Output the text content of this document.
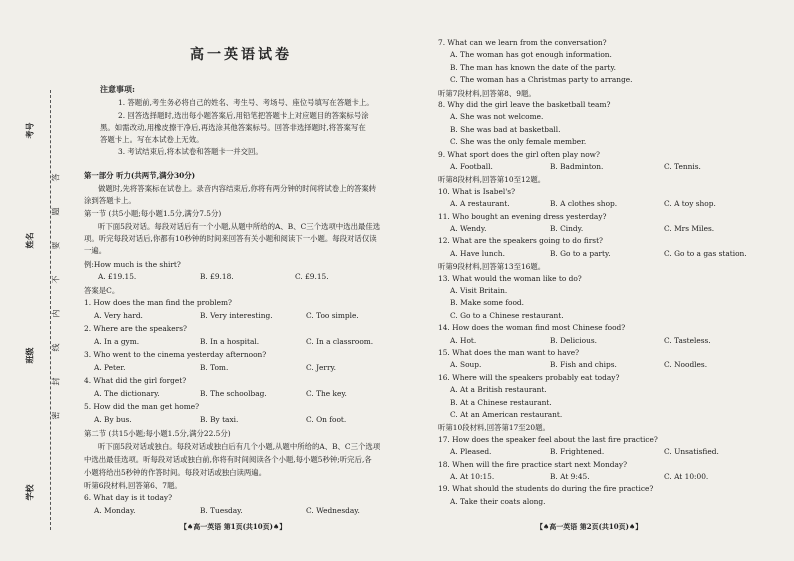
考号
姓名
班级
学校
答
题
要
不
内
线
封
密
高一英语试卷
注意事项:
1. 答题前,考生务必将自己的姓名、考生号、考场号、座位号填写在答题卡上。
2. 回答选择题时,选出每小题答案后,用铅笔把答题卡上对应题目的答案标号涂
黑。如需改动,用橡皮擦干净后,再选涂其他答案标号。回答非选择题时,将答案写在
答题卡上。写在本试卷上无效。
3. 考试结束后,将本试卷和答题卡一并交回。
第一部分 听力(共两节,满分30分)
做题时,先将答案标在试卷上。录音内容结束后,你将有两分钟的时间将试卷上的答案转
涂到答题卡上。
第一节 (共5小题;每小题1.5分,满分7.5分)
听下面5段对话。每段对话后有一个小题,从题中所给的A、B、C三个选项中选出最佳选
项。听完每段对话后,你都有10秒钟的时间来回答有关小题和阅读下一小题。每段对话仅读
一遍。
例:How much is the shirt?
A. £19.15.	B. £9.18.	C. £9.15.
答案是C。
1. How does the man find the problem?
A. Very hard.	B. Very interesting.	C. Too simple.
2. Where are the speakers?
A. In a gym.	B. In a hospital.	C. In a classroom.
3. Who went to the cinema yesterday afternoon?
A. Peter.	B. Tom.	C. Jerry.
4. What did the girl forget?
A. The dictionary.	B. The schoolbag.	C. The key.
5. How did the man get home?
A. By bus.	B. By taxi.	C. On foot.
第二节 (共15小题;每小题1.5分,满分22.5分)
听下面5段对话或独白。每段对话或独白后有几个小题,从题中所给的A、B、C三个选项
中选出最佳选项。听每段对话或独白前,你将有时间阅读各个小题,每小题5秒钟;听完后,各
小题将给出5秒钟的作答时间。每段对话或独白读两遍。
听第6段材料,回答第6、7题。
6. What day is it today?
A. Monday.	B. Tuesday.	C. Wednesday.
【♠高一英语 第1页(共10页)♠】
7. What can we learn from the conversation?
A. The woman has got enough information.
B. The man has known the date of the party.
C. The woman has a Christmas party to arrange.
听第7段材料,回答第8、9题。
8. Why did the girl leave the basketball team?
A. She was not welcome.
B. She was bad at basketball.
C. She was the only female member.
9. What sport does the girl often play now?
A. Football.	B. Badminton.	C. Tennis.
听第8段材料,回答第10至12题。
10. What is Isabel's?
A. A restaurant.	B. A clothes shop.	C. A toy shop.
11. Who bought an evening dress yesterday?
A. Wendy.	B. Cindy.	C. Mrs Miles.
12. What are the speakers going to do first?
A. Have lunch.	B. Go to a party.	C. Go to a gas station.
听第9段材料,回答第13至16题。
13. What would the woman like to do?
A. Visit Britain.
B. Make some food.
C. Go to a Chinese restaurant.
14. How does the woman find most Chinese food?
A. Hot.	B. Delicious.	C. Tasteless.
15. What does the man want to have?
A. Soup.	B. Fish and chips.	C. Noodles.
16. Where will the speakers probably eat today?
A. At a British restaurant.
B. At a Chinese restaurant.
C. At an American restaurant.
听第10段材料,回答第17至20题。
17. How does the speaker feel about the last fire practice?
A. Pleased.	B. Frightened.	C. Unsatisfied.
18. When will the fire practice start next Monday?
A. At 10:15.	B. At 9:45.	C. At 10:00.
19. What should the students do during the fire practice?
A. Take their coats along.
【♠高一英语 第2页(共10页)♠】
